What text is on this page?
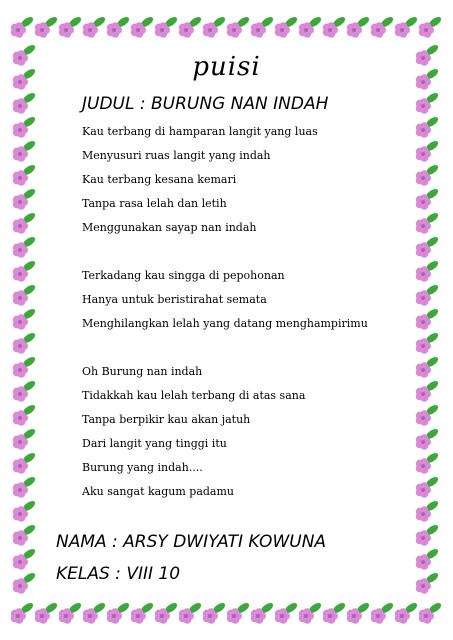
puisi
JUDUL : BURUNG NAN INDAH
Kau terbang di hamparan langit yang luas
Menyusuri ruas langit yang indah
Kau terbang kesana kemari
Tanpa rasa lelah dan letih
Menggunakan sayap nan indah
Terkadang kau singga di pepohonan
Hanya untuk beristirahat semata
Menghilangkan lelah yang datang menghampirimu
Oh Burung nan indah
Tidakkah kau lelah terbang di atas sana
Tanpa berpikir kau akan jatuh
Dari langit yang tinggi itu
Burung yang indah....
Aku sangat kagum padamu
NAMA : ARSY DWIYATI KOWUNA
KELAS : VIII 10
